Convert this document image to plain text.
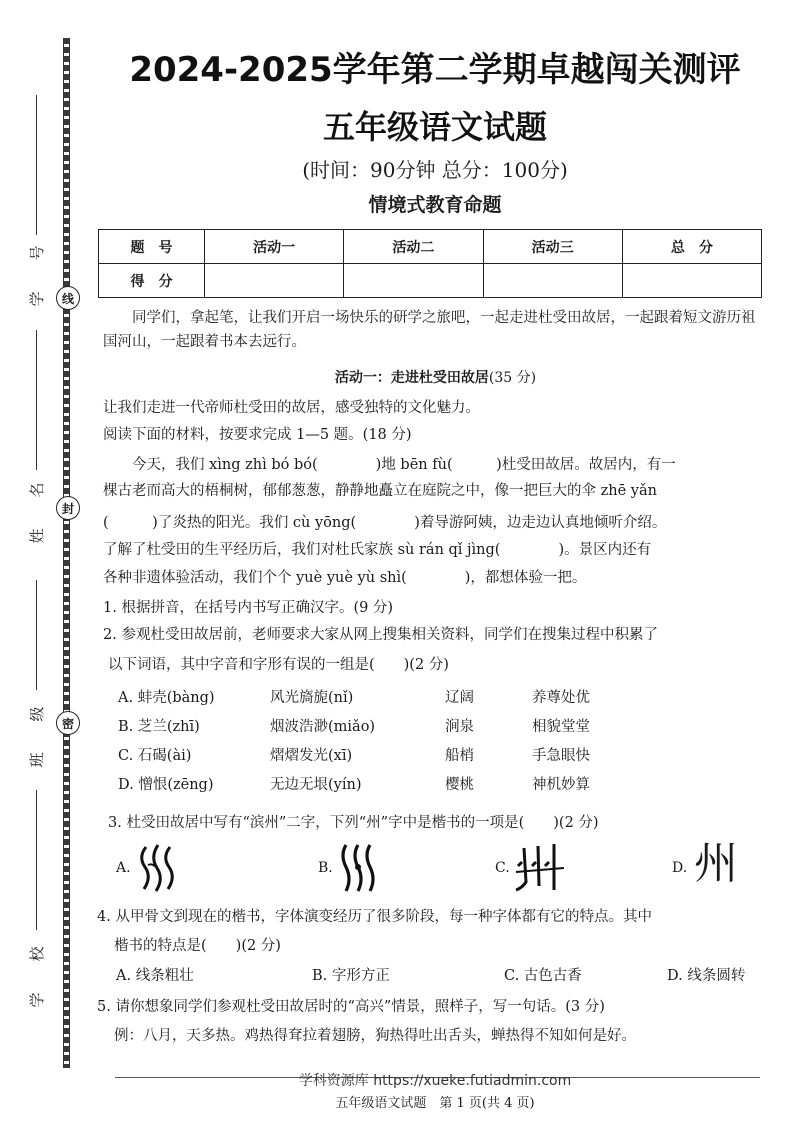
号
学 线
名
姓
封
级
班
密
校
学
2024-2025学年第二学期卓越闯关测评
五年级语文试题
(时间：90分钟 总分：100分)
情境式教育命题
题　号	活动一	活动二	活动三	总　分
得　分				
同学们，拿起笔，让我们开启一场快乐的研学之旅吧，一起走进杜受田故居，一起跟着短文游历祖国河山，一起跟着书本去远行。
活动一：走进杜受田故居(35 分)
让我们走进一代帝师杜受田的故居，感受独特的文化魅力。
阅读下面的材料，按要求完成 1—5 题。(18 分)
今天，我们 xìng zhì bó bó(　　　　)地 bēn fù(　　　)杜受田故居。故居内，有一
棵古老而高大的梧桐树，郁郁葱葱，静静地矗立在庭院之中，像一把巨大的伞 zhē yǎn
(　　　)了炎热的阳光。我们 cù yōng(　　　　)着导游阿姨，边走边认真地倾听介绍。
了解了杜受田的生平经历后，我们对杜氏家族 sù rán qǐ jìng(　　　　)。景区内还有
各种非遗体验活动，我们个个 yuè yuè yù shì(　　　　)，都想体验一把。
1. 根据拼音，在括号内书写正确汉字。(9 分)
2. 参观杜受田故居前，老师要求大家从网上搜集相关资料，同学们在搜集过程中积累了
以下词语，其中字音和字形有误的一组是(　　)(2 分)
A. 蚌壳(bàng)	风光旖旎(nǐ)	辽阔	养尊处优
B. 芝兰(zhī)	烟波浩渺(miǎo)	涧泉	相貌堂堂
C. 石碣(ài)	熠熠发光(xī)	船梢	手急眼快
D. 憎恨(zēng)	无边无垠(yín)	樱桃	神机妙算
3. 杜受田故居中写有“滨州”二字，下列“州”字中是楷书的一项是(　　)(2 分)
A.	B.	C.	D. 州
4. 从甲骨文到现在的楷书，字体演变经历了很多阶段，每一种字体都有它的特点。其中
楷书的特点是(　　)(2 分)
A. 线条粗壮	B. 字形方正	C. 古色古香	D. 线条圆转
5. 请你想象同学们参观杜受田故居时的“高兴”情景，照样子，写一句话。(3 分)
例：八月，天多热。鸡热得耷拉着翅膀，狗热得吐出舌头，蝉热得不知如何是好。
学科资源库 https://xueke.futiadmin.com
五年级语文试题　第 1 页(共 4 页)
